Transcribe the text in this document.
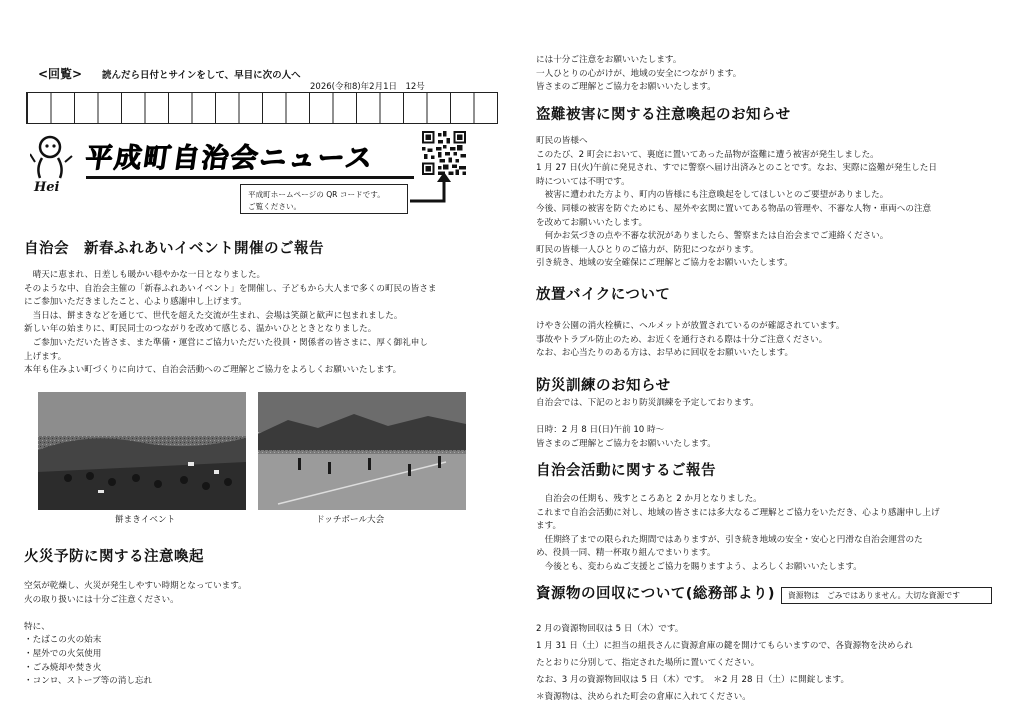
<回覧> 読んだら日付とサインをして、早目に次の人へ
2026(令和8)年2月1日　12号
Hei
平成町自治会ニュース
平成町ホームページの QR コードです。
ご覧ください。

自治会　新春ふれあいイベント開催のご報告

　晴天に恵まれ、日差しも暖かい穏やかな一日となりました。

そのような中、自治会主催の「新春ふれあいイベント」を開催し、子どもから大人まで多くの町民の皆さま

にご参加いただきましたこと、心より感謝申し上げます。

　当日は、餅まきなどを通じて、世代を超えた交流が生まれ、会場は笑顔と歓声に包まれました。

新しい年の始まりに、町民同士のつながりを改めて感じる、温かいひとときとなりました。

　ご参加いただいた皆さま、また準備・運営にご協力いただいた役員・関係者の皆さまに、厚く御礼申し

上げます。

本年も住みよい町づくりに向けて、自治会活動へのご理解とご協力をよろしくお願いいたします。

火災予防に関する注意喚起

空気が乾燥し、火災が発生しやすい時期となっています。

火の取り扱いには十分ご注意ください。

特に、

・たばこの火の始末

・屋外での火気使用

・ごみ焼却や焚き火

・コンロ、ストーブ等の消し忘れ

餅まきイベント	ドッチボール大会

には十分ご注意をお願いいたします。

一人ひとりの心がけが、地域の安全につながります。

皆さまのご理解とご協力をお願いいたします。

盗難被害に関する注意喚起のお知らせ

町民の皆様へ

このたび、2 町会において、裏庭に置いてあった品物が盗難に遭う被害が発生しました。

1 月 27 日(火)午前に発見され、すでに警察へ届け出済みとのことです。なお、実際に盗難が発生した日

時については不明です。

　被害に遭われた方より、町内の皆様にも注意喚起をしてほしいとのご要望がありました。

今後、同様の被害を防ぐためにも、屋外や玄関に置いてある物品の管理や、不審な人物・車両への注意

を改めてお願いいたします。

　何かお気づきの点や不審な状況がありましたら、警察または自治会までご連絡ください。

町民の皆様一人ひとりのご協力が、防犯につながります。

引き続き、地域の安全確保にご理解とご協力をお願いいたします。

放置バイクについて

けやき公園の消火栓横に、ヘルメットが放置されているのが確認されています。

事故やトラブル防止のため、お近くを通行される際は十分ご注意ください。

なお、お心当たりのある方は、お早めに回収をお願いいたします。

防災訓練のお知らせ

自治会では、下記のとおり防災訓練を予定しております。

日時：2 月 8 日(日)午前 10 時～

皆さまのご理解とご協力をお願いいたします。

自治会活動に関するご報告

　自治会の任期も、残すところあと 2 か月となりました。

これまで自治会活動に対し、地域の皆さまには多大なるご理解とご協力をいただき、心より感謝申し上げ

ます。

　任期終了までの限られた期間ではありますが、引き続き地域の安全・安心と円滑な自治会運営のた

め、役員一同、精一杯取り組んでまいります。

　今後とも、変わらぬご支援とご協力を賜りますよう、よろしくお願いいたします。

資源物の回収について(総務部より)

2 月の資源物回収は 5 日（木）です。

1 月 31 日（土）に担当の組長さんに資源倉庫の鍵を開けてもらいますので、各資源物を決められ

たとおりに分別して、指定された場所に置いてください。

なお、3 月の資源物回収は 5 日（木）です。　＊2 月 28 日（土）に開錠します。

＊資源物は、決められた町会の倉庫に入れてください。

資源物は　ごみではありません。大切な資源です
